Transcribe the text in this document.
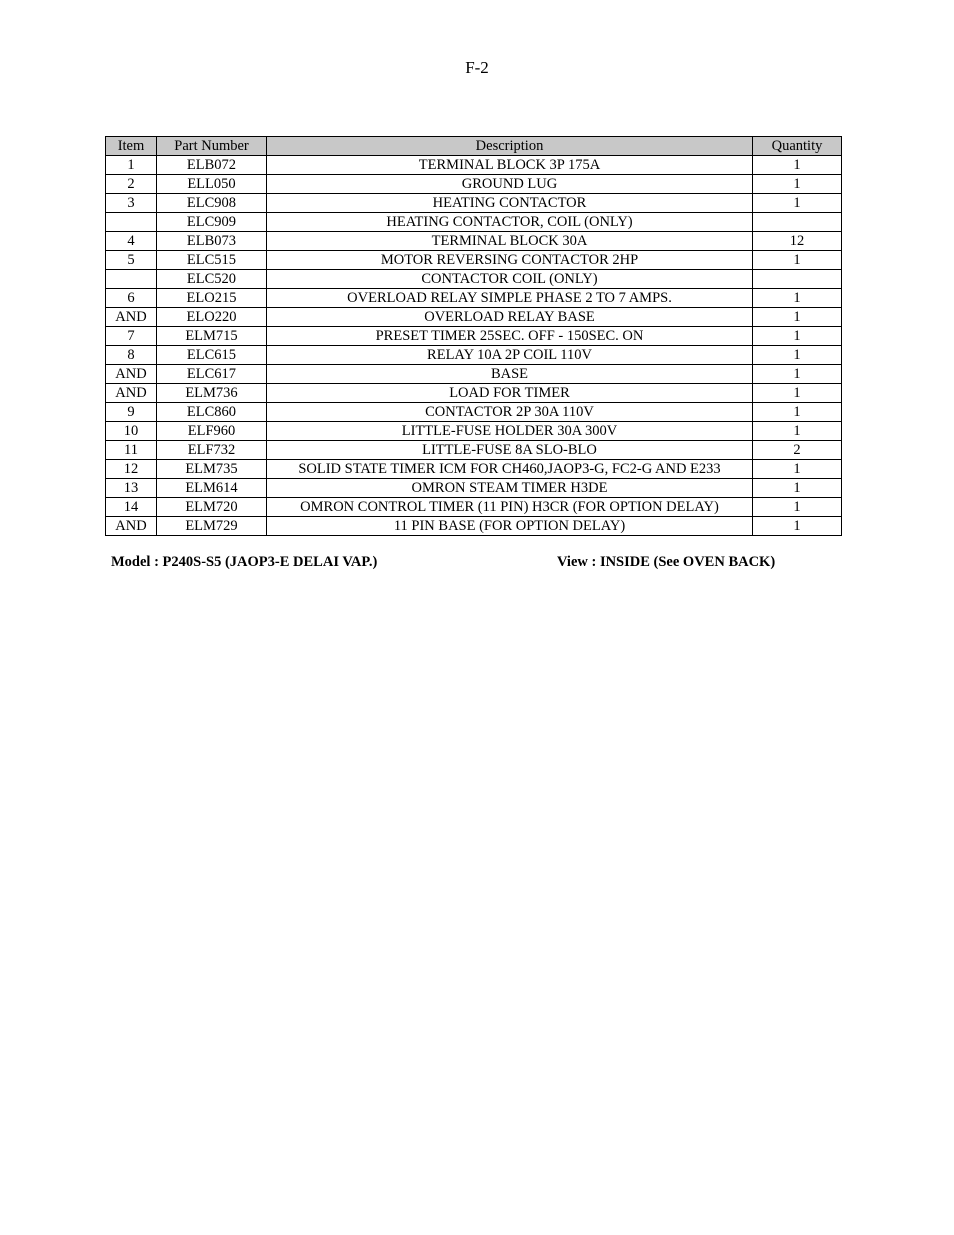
F-2
Item	Part Number	Description	Quantity
1	ELB072	TERMINAL BLOCK 3P 175A	1
2	ELL050	GROUND LUG	1
3	ELC908	HEATING CONTACTOR	1
	ELC909	HEATING CONTACTOR, COIL (ONLY)	
4	ELB073	TERMINAL BLOCK 30A	12
5	ELC515	MOTOR REVERSING CONTACTOR 2HP	1
	ELC520	CONTACTOR COIL (ONLY)	
6	ELO215	OVERLOAD RELAY SIMPLE PHASE 2 TO 7 AMPS.	1
AND	ELO220	OVERLOAD RELAY BASE	1
7	ELM715	PRESET TIMER 25SEC. OFF - 150SEC. ON	1
8	ELC615	RELAY 10A 2P COIL 110V	1
AND	ELC617	BASE	1
AND	ELM736	LOAD FOR TIMER	1
9	ELC860	CONTACTOR 2P 30A 110V	1
10	ELF960	LITTLE-FUSE HOLDER 30A 300V	1
11	ELF732	LITTLE-FUSE 8A SLO-BLO	2
12	ELM735	SOLID STATE TIMER ICM FOR CH460,JAOP3-G, FC2-G AND E233	1
13	ELM614	OMRON STEAM TIMER H3DE	1
14	ELM720	OMRON CONTROL TIMER (11 PIN) H3CR (FOR OPTION DELAY)	1
AND	ELM729	11 PIN BASE (FOR OPTION DELAY)	1
Model : P240S-S5 (JAOP3-E DELAI VAP.)	View : INSIDE (See OVEN BACK)
